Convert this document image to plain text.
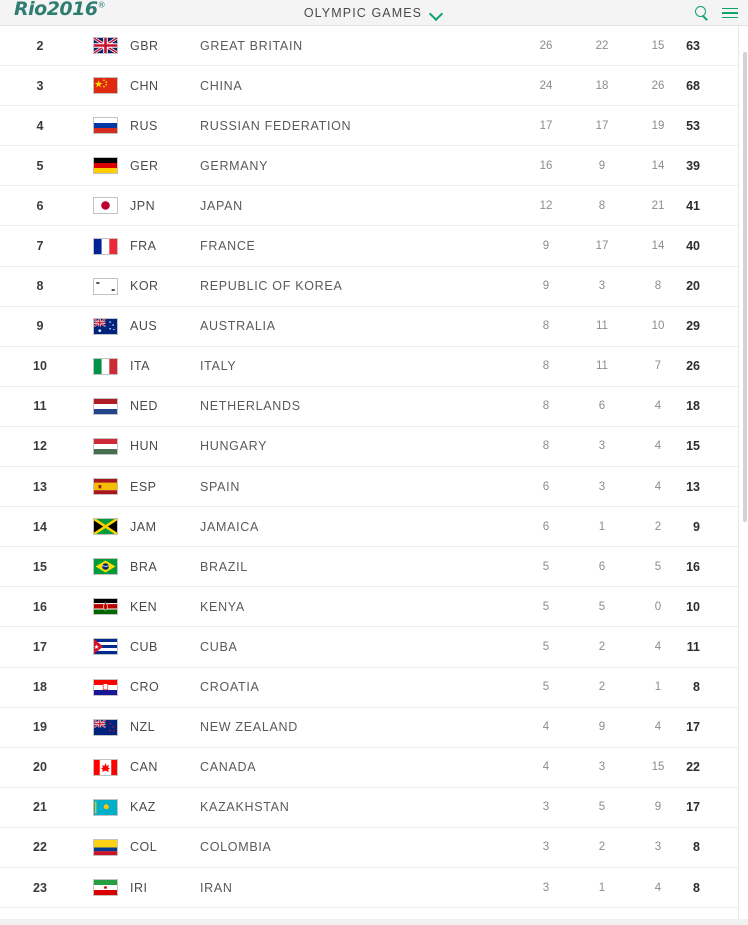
Rio2016®
OLYMPIC GAMES
2	GBR	GREAT BRITAIN	26	22	15	63
3	CHN	CHINA	24	18	26	68
4	RUS	RUSSIAN FEDERATION	17	17	19	53
5	GER	GERMANY	16	9	14	39
6	JPN	JAPAN	12	8	21	41
7	FRA	FRANCE	9	17	14	40
8	KOR	REPUBLIC OF KOREA	9	3	8	20
9	AUS	AUSTRALIA	8	11	10	29
10	ITA	ITALY	8	11	7	26
11	NED	NETHERLANDS	8	6	4	18
12	HUN	HUNGARY	8	3	4	15
13	ESP	SPAIN	6	3	4	13
14	JAM	JAMAICA	6	1	2	9
15	BRA	BRAZIL	5	6	5	16
16	KEN	KENYA	5	5	0	10
17	CUB	CUBA	5	2	4	11
18	CRO	CROATIA	5	2	1	8
19	NZL	NEW ZEALAND	4	9	4	17
20	CAN	CANADA	4	3	15	22
21	KAZ	KAZAKHSTAN	3	5	9	17
22	COL	COLOMBIA	3	2	3	8
23	IRI	IRAN	3	1	4	8
